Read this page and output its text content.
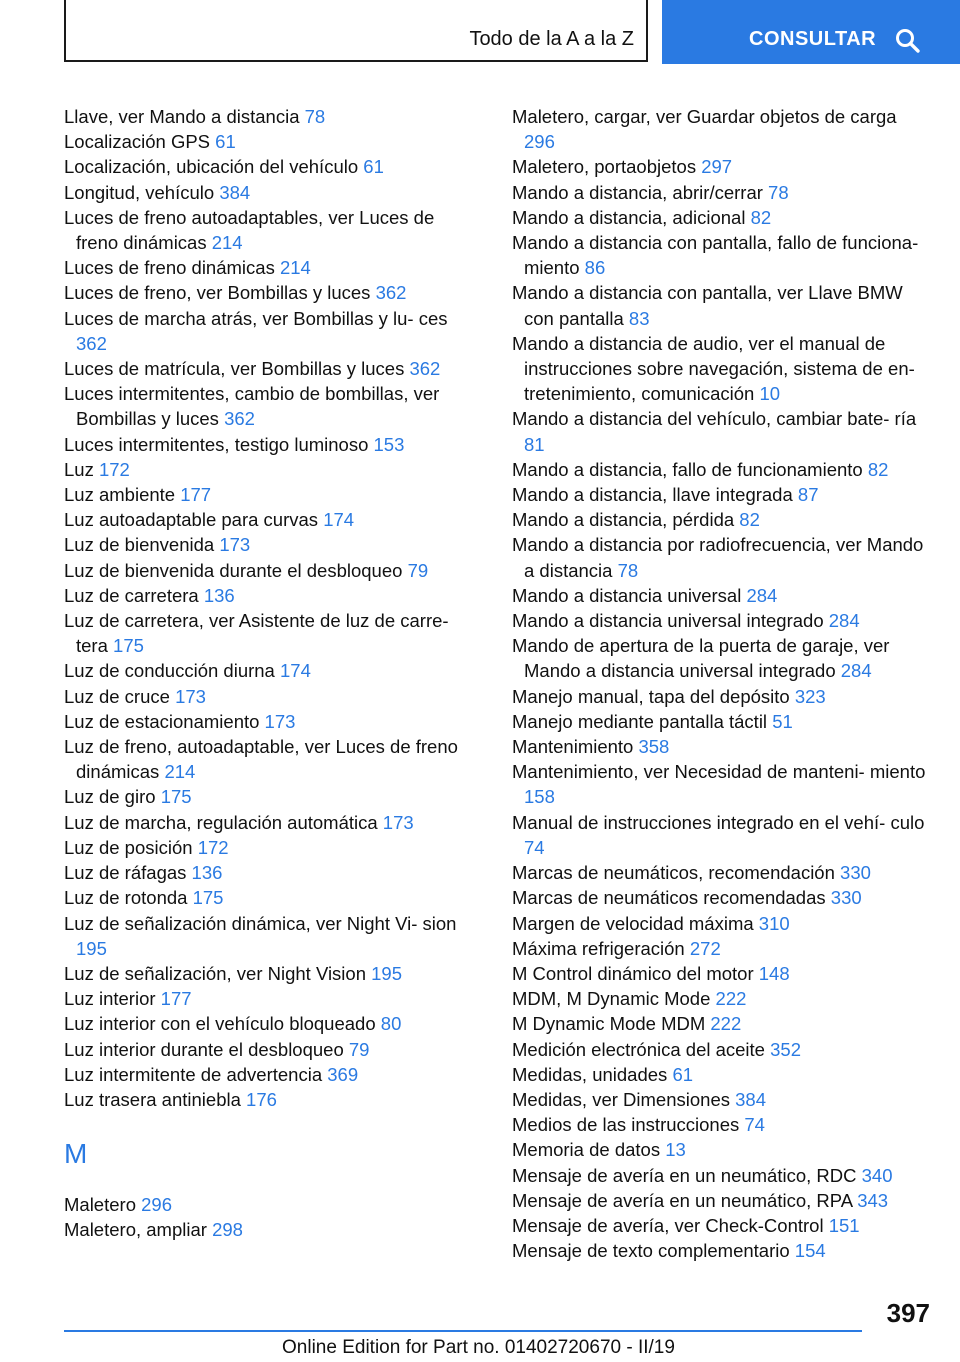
Todo de la A a la Z	CONSULTAR

Llave, ver Mando a distancia 78

Localización GPS 61

Localización, ubicación del vehículo 61

Longitud, vehículo 384

Luces de freno autoadaptables, ver Luces de freno dinámicas 214

Luces de freno dinámicas 214

Luces de freno, ver Bombillas y luces 362

Luces de marcha atrás, ver Bombillas y lu‐ ces 362

Luces de matrícula, ver Bombillas y luces 362

Luces intermitentes, cambio de bombillas, ver Bombillas y luces 362

Luces intermitentes, testigo luminoso 153

Luz 172

Luz ambiente 177

Luz autoadaptable para curvas 174

Luz de bienvenida 173

Luz de bienvenida durante el desbloqueo 79

Luz de carretera 136

Luz de carretera, ver Asistente de luz de carre‐ tera 175

Luz de conducción diurna 174

Luz de cruce 173

Luz de estacionamiento 173

Luz de freno, autoadaptable, ver Luces de freno dinámicas 214

Luz de giro 175

Luz de marcha, regulación automática 173

Luz de posición 172

Luz de ráfagas 136

Luz de rotonda 175

Luz de señalización dinámica, ver Night Vi‐ sion 195

Luz de señalización, ver Night Vision 195

Luz interior 177

Luz interior con el vehículo bloqueado 80

Luz interior durante el desbloqueo 79

Luz intermitente de advertencia 369

Luz trasera antiniebla 176

M

Maletero 296

Maletero, ampliar 298

Maletero, cargar, ver Guardar objetos de carga 296

Maletero, portaobjetos 297

Mando a distancia, abrir/cerrar 78

Mando a distancia, adicional 82

Mando a distancia con pantalla, fallo de funciona‐ miento 86

Mando a distancia con pantalla, ver Llave BMW con pantalla 83

Mando a distancia de audio, ver el manual de instrucciones sobre navegación, sistema de en‐ tretenimiento, comunicación 10

Mando a distancia del vehículo, cambiar bate‐ ría 81

Mando a distancia, fallo de funcionamiento 82

Mando a distancia, llave integrada 87

Mando a distancia, pérdida 82

Mando a distancia por radiofrecuencia, ver Mando a distancia 78

Mando a distancia universal 284

Mando a distancia universal integrado 284

Mando de apertura de la puerta de garaje, ver Mando a distancia universal integrado 284

Manejo manual, tapa del depósito 323

Manejo mediante pantalla táctil 51

Mantenimiento 358

Mantenimiento, ver Necesidad de manteni‐ miento 158

Manual de instrucciones integrado en el vehí‐ culo 74

Marcas de neumáticos, recomendación 330

Marcas de neumáticos recomendadas 330

Margen de velocidad máxima 310

Máxima refrigeración 272

M Control dinámico del motor 148

MDM, M Dynamic Mode 222

M Dynamic Mode MDM 222

Medición electrónica del aceite 352

Medidas, unidades 61

Medidas, ver Dimensiones 384

Medios de las instrucciones 74

Memoria de datos 13

Mensaje de avería en un neumático, RDC 340

Mensaje de avería en un neumático, RPA 343

Mensaje de avería, ver Check-Control 151

Mensaje de texto complementario 154

397
Online Edition for Part no. 01402720670 - II/19
